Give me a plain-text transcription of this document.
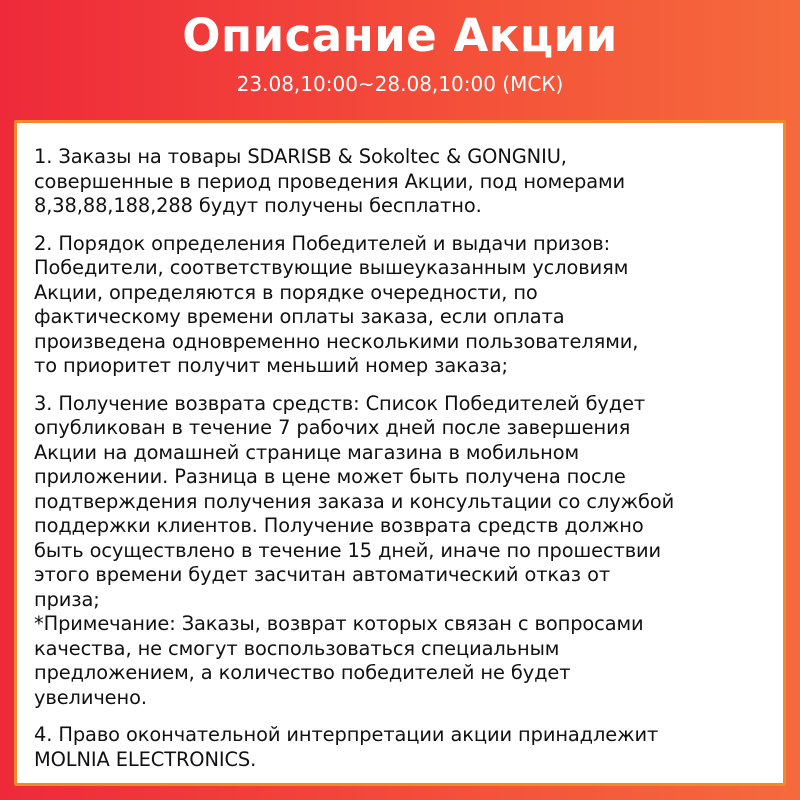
Описание Акции
23.08,10:00~28.08,10:00 (МСК)

1. Заказы на товары SDARISB & Sokoltec & GONGNIU,
совершенные в период проведения Акции, под номерами
8,38,88,188,288 будут получены бесплатно.

2. Порядок определения Победителей и выдачи призов:
Победители, соответствующие вышеуказанным условиям
Акции, определяются в порядке очередности, по
фактическому времени оплаты заказа, если оплата
произведена одновременно несколькими пользователями,
то приоритет получит меньший номер заказа;

3. Получение возврата средств: Список Победителей будет
опубликован в течение 7 рабочих дней после завершения
Акции на домашней странице магазина в мобильном
приложении. Разница в цене может быть получена после
подтверждения получения заказа и консультации со службой
поддержки клиентов. Получение возврата средств должно
быть осуществлено в течение 15 дней, иначе по прошествии
этого времени будет засчитан автоматический отказ от
приза;
*Примечание: Заказы, возврат которых связан с вопросами
качества, не смогут воспользоваться специальным
предложением, а количество победителей не будет
увеличено.

4. Право окончательной интерпретации акции принадлежит
MOLNIA ELECTRONICS.
